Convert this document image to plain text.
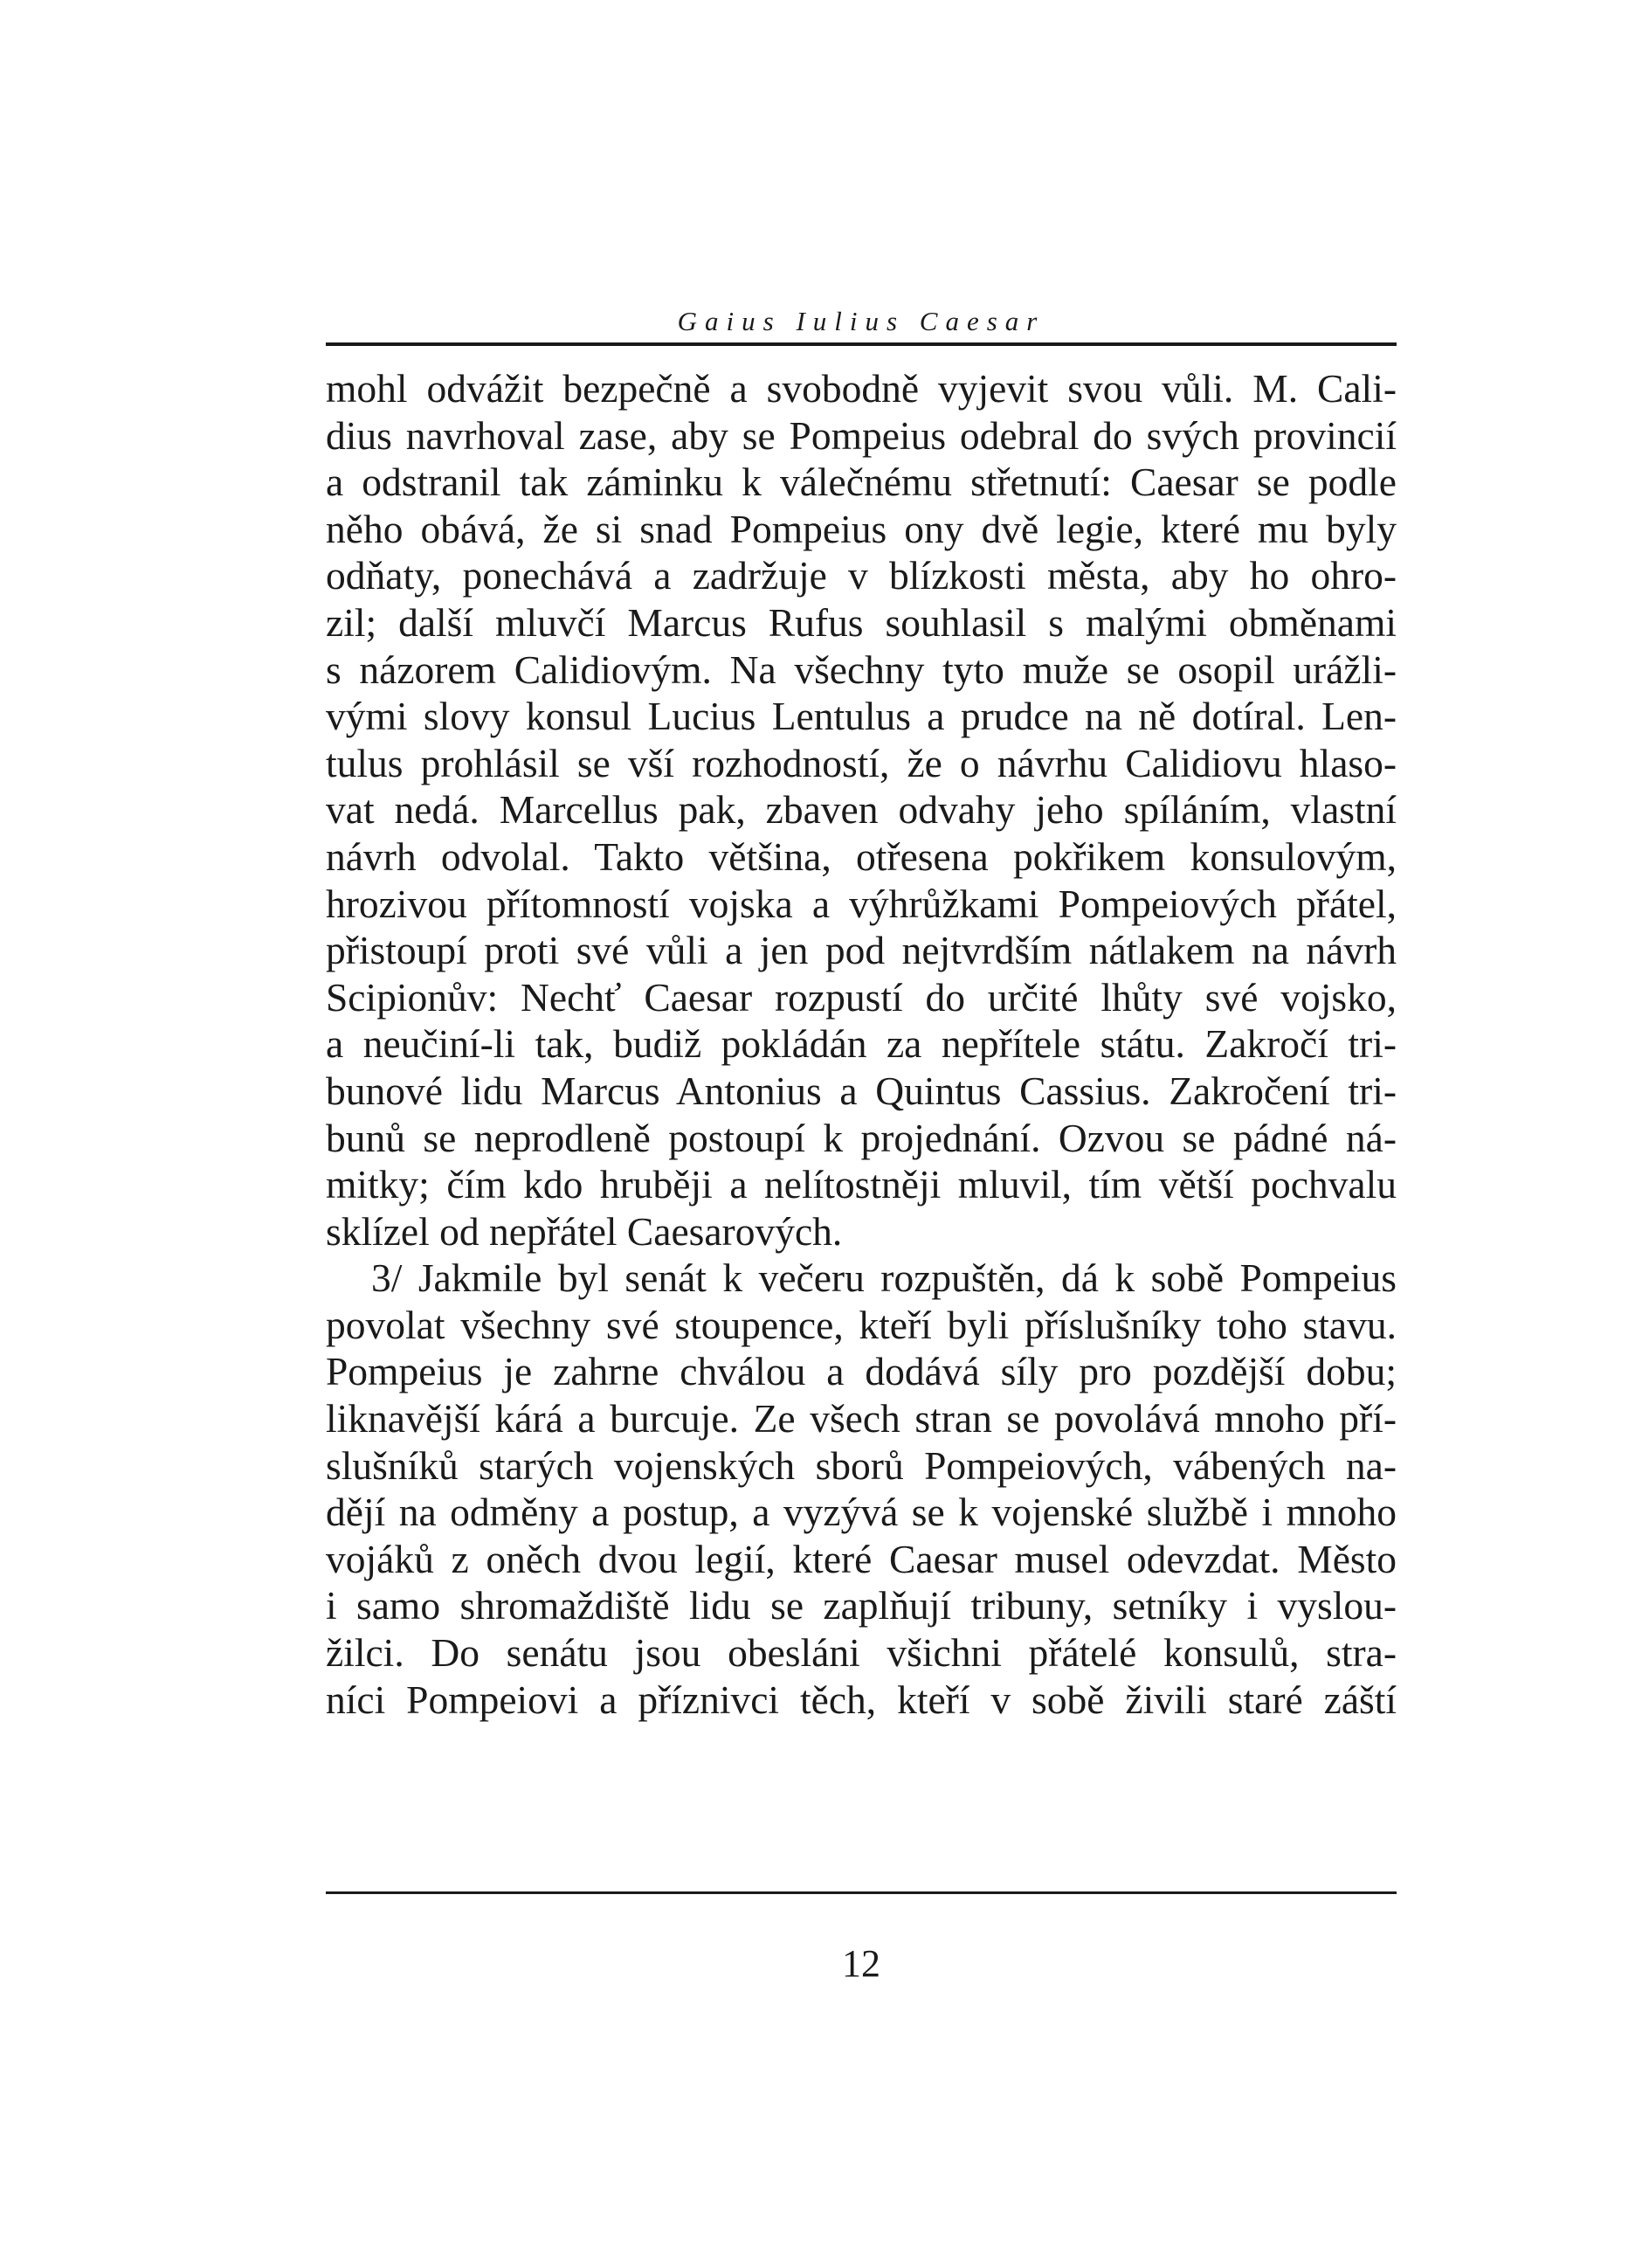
Gaius Iulius Caesar
mohl odvážit bezpečně a svobodně vyjevit svou vůli. M. Cali-
dius navrhoval zase, aby se Pompeius odebral do svých provincií
a odstranil tak záminku k válečnému střetnutí: Caesar se podle
něho obává, že si snad Pompeius ony dvě legie, které mu byly
odňaty, ponechává a zadržuje v blízkosti města, aby ho ohro-
zil; další mluvčí Marcus Rufus souhlasil s malými obměnami
s názorem Calidiovým. Na všechny tyto muže se osopil urážli-
vými slovy konsul Lucius Lentulus a prudce na ně dotíral. Len-
tulus prohlásil se vší rozhodností, že o návrhu Calidiovu hlaso-
vat nedá. Marcellus pak, zbaven odvahy jeho spíláním, vlastní
návrh odvolal. Takto většina, otřesena pokřikem konsulovým,
hrozivou přítomností vojska a výhrůžkami Pompeiových přátel,
přistoupí proti své vůli a jen pod nejtvrdším nátlakem na návrh
Scipionův: Nechť Caesar rozpustí do určité lhůty své vojsko,
a neučiní-li tak, budiž pokládán za nepřítele státu. Zakročí tri-
bunové lidu Marcus Antonius a Quintus Cassius. Zakročení tri-
bunů se neprodleně postoupí k projednání. Ozvou se pádné ná-
mitky; čím kdo hruběji a nelítostněji mluvil, tím větší pochvalu
sklízel od nepřátel Caesarových.
3/ Jakmile byl senát k večeru rozpuštěn, dá k sobě Pompeius
povolat všechny své stoupence, kteří byli příslušníky toho stavu.
Pompeius je zahrne chválou a dodává síly pro pozdější dobu;
liknavější kárá a burcuje. Ze všech stran se povolává mnoho pří-
slušníků starých vojenských sborů Pompeiových, vábených na-
dějí na odměny a postup, a vyzývá se k vojenské službě i mnoho
vojáků z oněch dvou legií, které Caesar musel odevzdat. Město
i samo shromaždiště lidu se zaplňují tribuny, setníky i vyslou-
žilci. Do senátu jsou obesláni všichni přátelé konsulů, stra-
níci Pompeiovi a příznivci těch, kteří v sobě živili staré záští
12
